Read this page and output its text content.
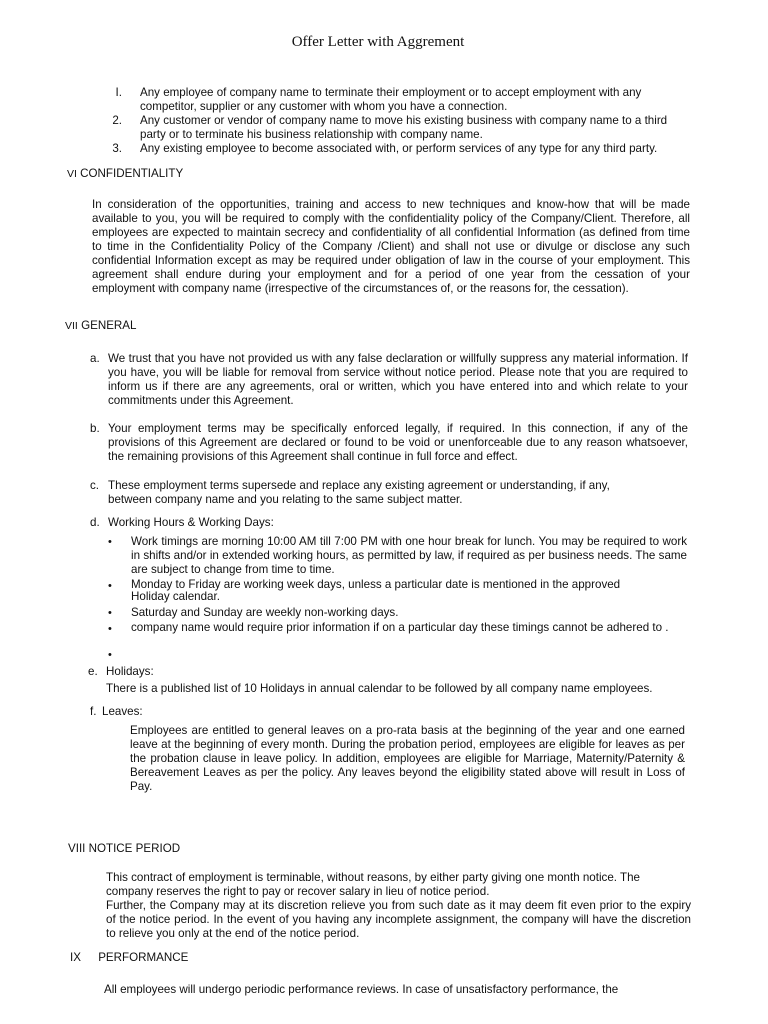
Offer Letter with Aggrement
I. Any employee of company name to terminate their employment or to accept employment with any competitor, supplier or any customer with whom you have a connection.
2. Any customer or vendor of company name to move his existing business with company name to a third party or to terminate his business relationship with company name.
3. Any existing employee to become associated with, or perform services of any type for any third party.
VI CONFIDENTIALITY
In consideration of the opportunities, training and access to new techniques and know-how that will be made available to you, you will be required to comply with the confidentiality policy of the Company/Client. Therefore, all employees are expected to maintain secrecy and confidentiality of all confidential Information (as defined from time to time in the Confidentiality Policy of the Company /Client) and shall not use or divulge or disclose any such confidential Information except as may be required under obligation of law in the course of your employment. This agreement shall endure during your employment and for a period of one year from the cessation of your employment with company name (irrespective of the circumstances of, or the reasons for, the cessation).
VII GENERAL
a. We trust that you have not provided us with any false declaration or willfully suppress any material information. If you have, you will be liable for removal from service without notice period. Please note that you are required to inform us if there are any agreements, oral or written, which you have entered into and which relate to your commitments under this Agreement.
b. Your employment terms may be specifically enforced legally, if required. In this connection, if any of the provisions of this Agreement are declared or found to be void or unenforceable due to any reason whatsoever, the remaining provisions of this Agreement shall continue in full force and effect.
c. These employment terms supersede and replace any existing agreement or understanding, if any, between company name and you relating to the same subject matter.
d. Working Hours & Working Days:
• Work timings are morning 10:00 AM till 7:00 PM with one hour break for lunch. You may be required to work in shifts and/or in extended working hours, as permitted by law, if required as per business needs. The same are subject to change from time to time.
• Monday to Friday are working week days, unless a particular date is mentioned in the approved Holiday calendar.
• Saturday and Sunday are weekly non-working days.
• company name would require prior information if on a particular day these timings cannot be adhered to .
•
e. Holidays:
There is a published list of 10 Holidays in annual calendar to be followed by all company name employees.
f. Leaves:
Employees are entitled to general leaves on a pro-rata basis at the beginning of the year and one earned leave at the beginning of every month. During the probation period, employees are eligible for leaves as per the probation clause in leave policy. In addition, employees are eligible for Marriage, Maternity/Paternity & Bereavement Leaves as per the policy. Any leaves beyond the eligibility stated above will result in Loss of Pay.
VIII NOTICE PERIOD
This contract of employment is terminable, without reasons, by either party giving one month notice. The company reserves the right to pay or recover salary in lieu of notice period.
Further, the Company may at its discretion relieve you from such date as it may deem fit even prior to the expiry of the notice period. In the event of you having any incomplete assignment, the company will have the discretion to relieve you only at the end of the notice period.
IX PERFORMANCE
All employees will undergo periodic performance reviews. In case of unsatisfactory performance, the
